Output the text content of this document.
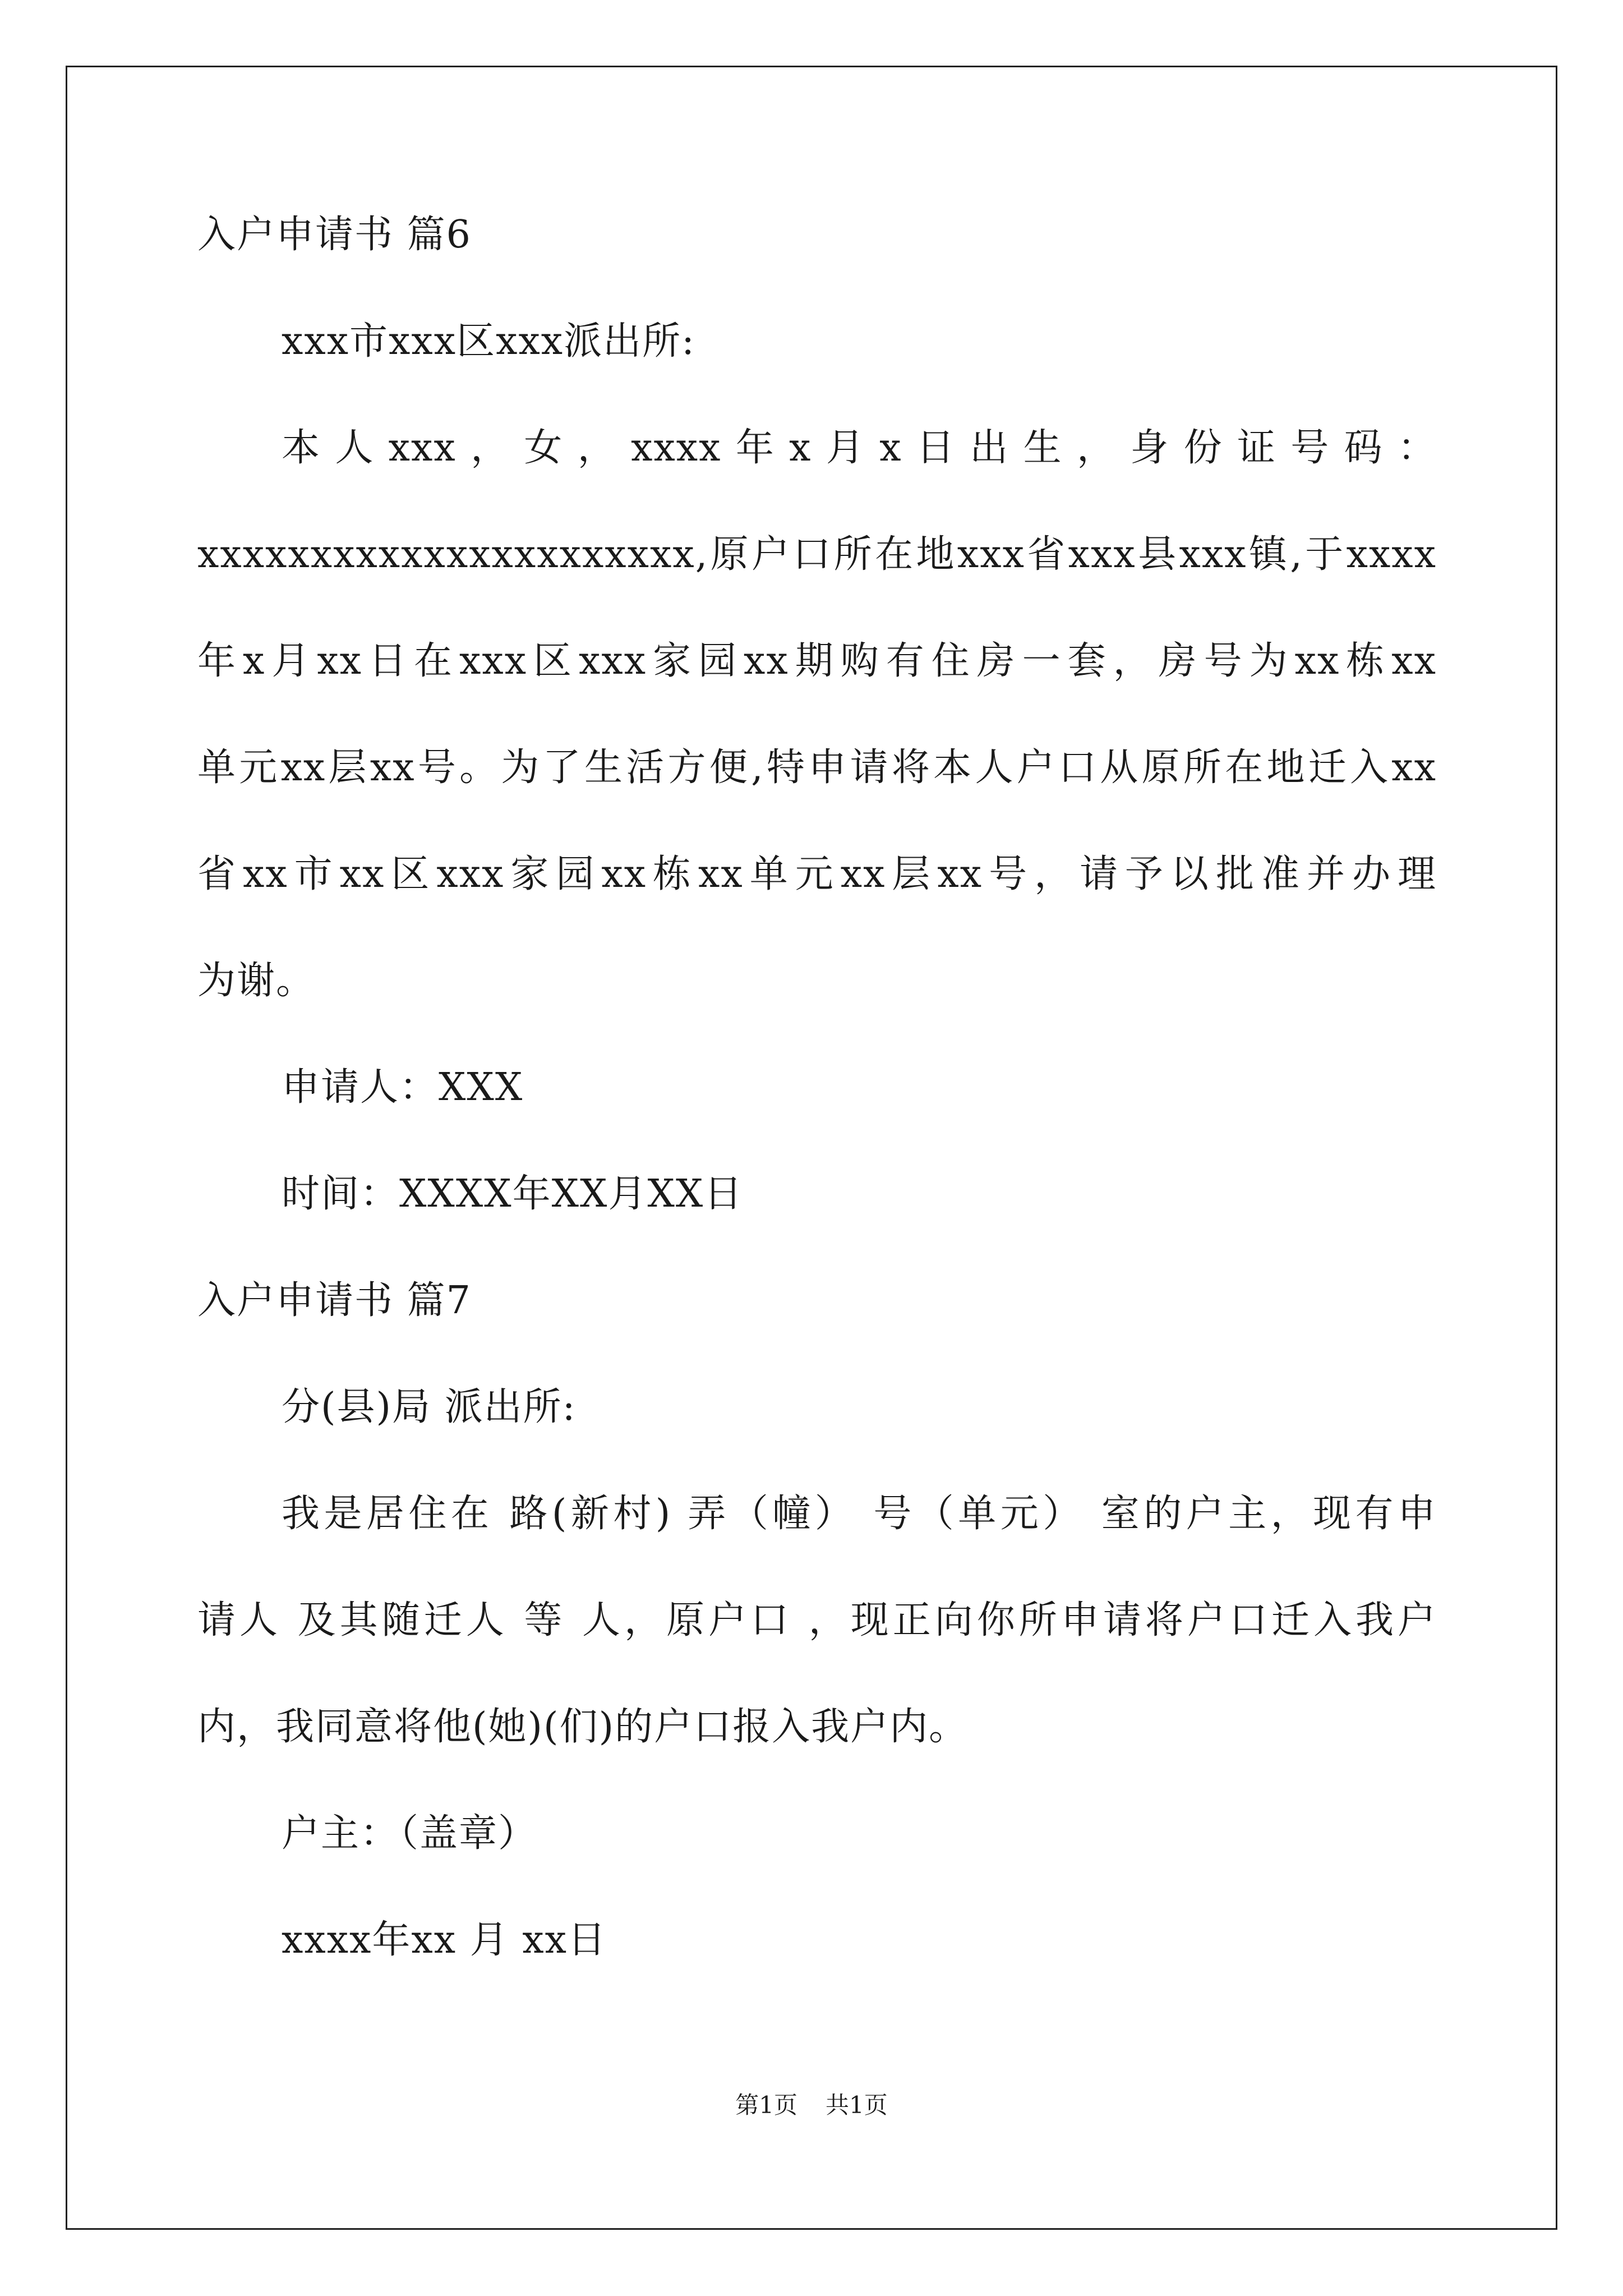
入户申请书 篇6

xxx市xxx区xxx派出所:

本人xxx，女，xxxx年x月x日出生，身份证号码：

xxxxxxxxxxxxxxxxxxxxxx,原户口所在地xxx省xxx县xxx镇,于xxxx

年x月xx日在xxx区xxx家园xx期购有住房一套，房号为xx栋xx

单元xx层xx号。为了生活方便,特申请将本人户口从原所在地迁入xx

省xx市xx区xxx家园xx栋xx单元xx层xx号，请予以批准并办理

为谢。

申请人：XXX

时间：XXXX年XX月XX日

入户申请书 篇7

分(县)局 派出所:

我是居住在 路(新村) 弄（幢） 号（单元） 室的户主，现有申

请人 及其随迁人 等 人，原户口 ，现正向你所申请将户口迁入我户

内，我同意将他(她)(们)的户口报入我户内。

户主：（盖章）

xxxx年xx 月 xx日

第1页 共1页
